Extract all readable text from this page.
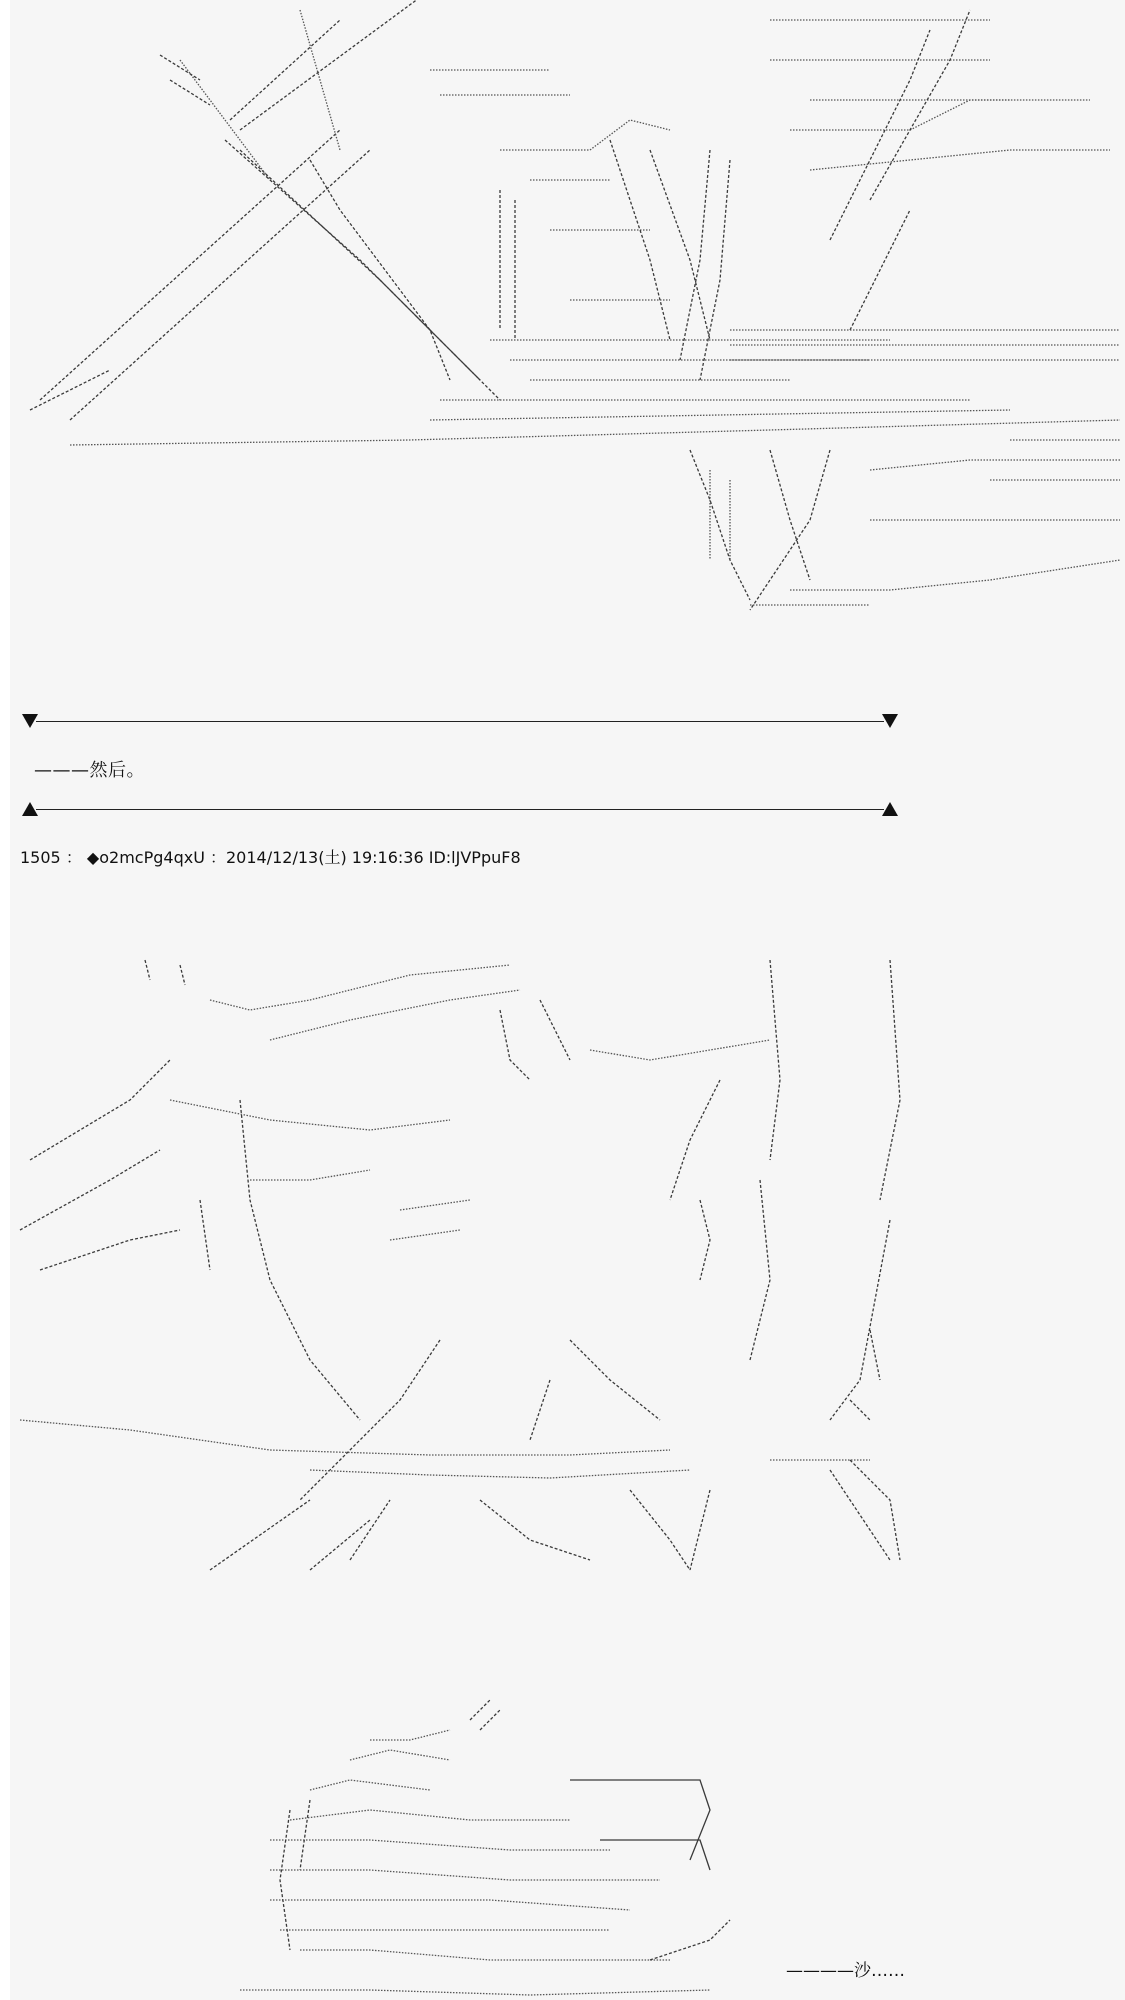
———然后。
1505 ： ◆o2mcPg4qxU ：2014/12/13(土) 19:16:36 ID:lJVPpuF8
————沙……
